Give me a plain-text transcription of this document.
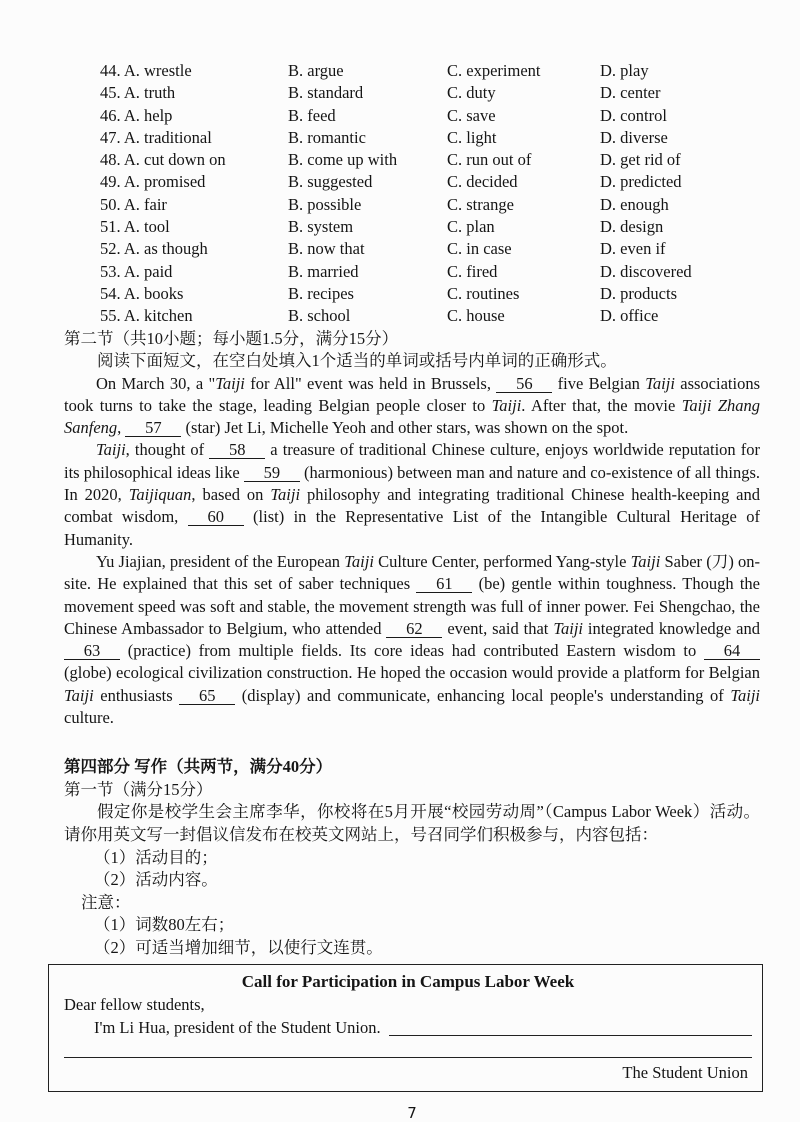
44. A. wrestle	B. argue	C. experiment	D. play
45. A. truth	B. standard	C. duty	D. center
46. A. help	B. feed	C. save	D. control
47. A. traditional	B. romantic	C. light	D. diverse
48. A. cut down on	B. come up with	C. run out of	D. get rid of
49. A. promised	B. suggested	C. decided	D. predicted
50. A. fair	B. possible	C. strange	D. enough
51. A. tool	B. system	C. plan	D. design
52. A. as though	B. now that	C. in case	D. even if
53. A. paid	B. married	C. fired	D. discovered
54. A. books	B. recipes	C. routines	D. products
55. A. kitchen	B. school	C. house	D. office
第二节（共10小题；每小题1.5分，满分15分）
阅读下面短文，在空白处填入1个适当的单词或括号内单词的正确形式。

On March 30, a "Taiji for All" event was held in Brussels, 56 five Belgian Taiji associations took turns to take the stage, leading Belgian people closer to Taiji. After that, the movie Taiji Zhang Sanfeng, 57 (star) Jet Li, Michelle Yeoh and other stars, was shown on the spot.

Taiji, thought of 58 a treasure of traditional Chinese culture, enjoys worldwide reputation for its philosophical ideas like 59 (harmonious) between man and nature and co-existence of all things. In 2020, Taijiquan, based on Taiji philosophy and integrating traditional Chinese health-keeping and combat wisdom, 60 (list) in the Representative List of the Intangible Cultural Heritage of Humanity.

Yu Jiajian, president of the European Taiji Culture Center, performed Yang-style Taiji Saber (刀) on-site. He explained that this set of saber techniques 61 (be) gentle within toughness. Though the movement speed was soft and stable, the movement strength was full of inner power. Fei Shengchao, the Chinese Ambassador to Belgium, who attended 62 event, said that Taiji integrated knowledge and 63 (practice) from multiple fields. Its core ideas had contributed Eastern wisdom to 64 (globe) ecological civilization construction. He hoped the occasion would provide a platform for Belgian Taiji enthusiasts 65 (display) and communicate, enhancing local people's understanding of Taiji culture.

第四部分 写作（共两节，满分40分）
第一节（满分15分）

假定你是校学生会主席李华，你校将在5月开展“校园劳动周”（Campus Labor Week）活动。请你用英文写一封倡议信发布在校英文网站上，号召同学们积极参与，内容包括：

（1）活动目的；
（2）活动内容。
注意：
（1）词数80左右；
（2）可适当增加细节，以使行文连贯。
Call for Participation in Campus Labor Week
Dear fellow students,
I'm Li Hua, president of the Student Union.
The Student Union
7
